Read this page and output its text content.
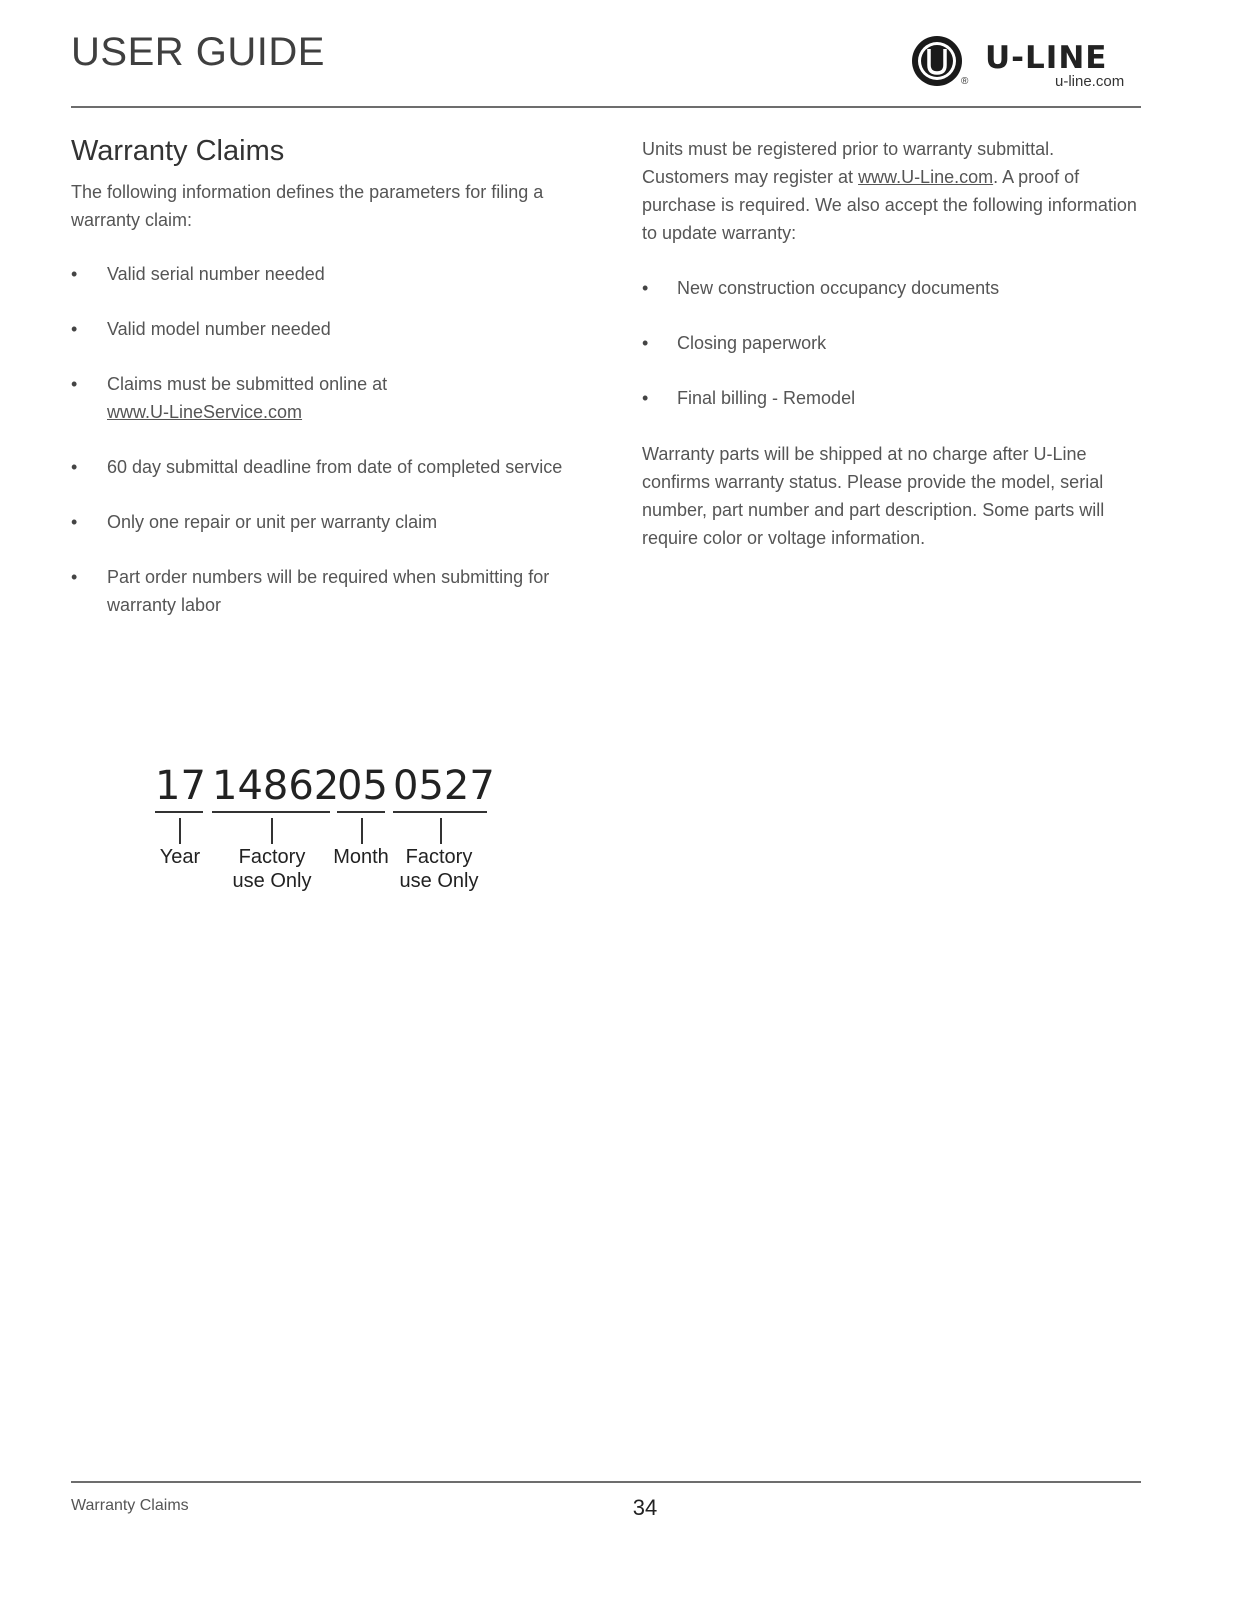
USER GUIDE
®
U-LINE
u-line.com
Warranty Claims
The following information defines the parameters for filing a warranty claim:
• Valid serial number needed
• Valid model number needed
• Claims must be submitted online at
www.U-LineService.com
• 60 day submittal deadline from date of completed service
• Only one repair or unit per warranty claim
• Part order numbers will be required when submitting for warranty labor
Units must be registered prior to warranty submittal. Customers may register at www.U-Line.com. A proof of purchase is required. We also accept the following information to update warranty:
• New construction occupancy documents
• Closing paperwork
• Final billing - Remodel
Warranty parts will be shipped at no charge after U-Line confirms warranty status. Please provide the model, serial number, part number and part description. Some parts will require color or voltage information.
17 14862
05 0527
Year	Factory use Only
Month Factory use Only
Warranty Claims	34
